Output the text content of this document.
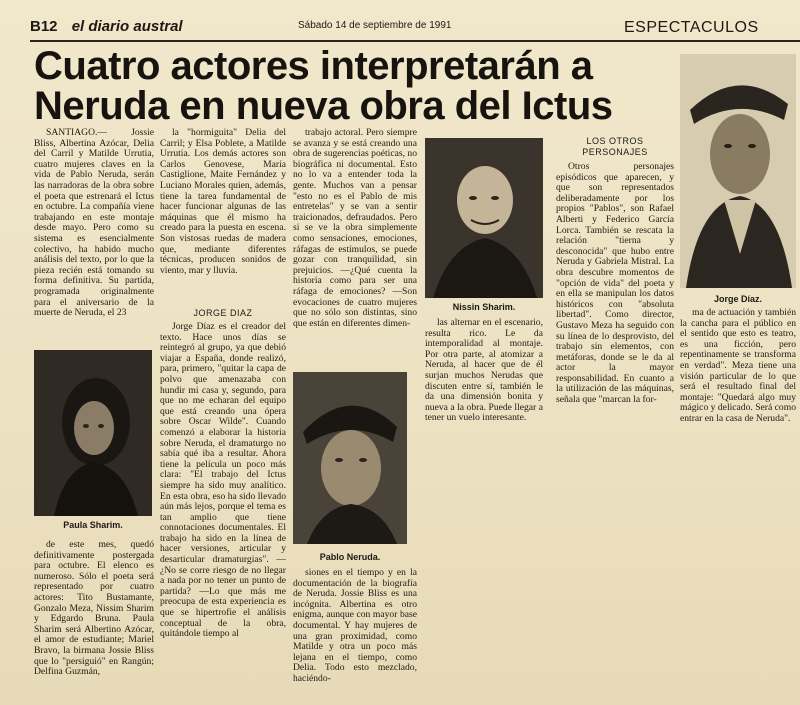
B12 el diario austral	Sábado 14 de septiembre de 1991	ESPECTACULOS
Cuatro actores interpretarán a Neruda en nueva obra del Ictus

SANTIAGO.— Jossie Bliss, Albertina Azócar, Delia del Carril y Matilde Urrutia, cuatro mujeres claves en la vida de Pablo Neruda, serán las narradoras de la obra sobre el poeta que estrenará el Ictus en octubre. La compañía viene trabajando en este montaje desde mayo. Pero como su sistema es esencialmente colectivo, ha habido mucho análisis del texto, por lo que la pieza recién está tomando su forma definitiva. Su partida, programada originalmente para el aniversario de la muerte de Neruda, el 23

Paula Sharim.

de este mes, quedó definitivamente postergada para octubre. El elenco es numeroso. Sólo el poeta será representado por cuatro actores: Tito Bustamante, Gonzalo Meza, Nissim Sharim y Edgardo Bruna. Paula Sharim será Albertino Azócar, el amor de estudiante; Mariel Bravo, la birmana Jossie Bliss que lo "persiguió" en Rangún; Delfina Guzmán,

la "hormiguita" Delia del Carril; y Elsa Poblete, a Matilde Urrutia. Los demás actores son Carlos Genovese, María Castiglione, Maite Fernández y Luciano Morales quien, además, tiene la tarea fundamental de hacer funcionar algunas de las máquinas que él mismo ha creado para la puesta en escena. Son vistosas ruedas de madera que, mediante diferentes técnicas, producen sonidos de viento, mar y lluvia.

JORGE DIAZ

Jorge Díaz es el creador del texto. Hace unos días se reintegró al grupo, ya que debió viajar a España, donde realizó, para, primero, "quitar la capa de polvo que amenazaba con hundir mi casa y, segundo, para que no me echaran del equipo que está creando una ópera sobre Oscar Wilde". Cuando comenzó a elaborar la historia sobre Neruda, el dramaturgo no sabía qué iba a resultar. Ahora tiene la película un poco más clara: "El trabajo del Ictus siempre ha sido muy analítico. En esta obra, eso ha sido llevado aún más lejos, porque el tema es tan amplio que tiene connotaciones documentales. El trabajo ha sido en la línea de hacer versiones, articular y desarticular dramaturgias". —¿No se corre riesgo de no llegar a nada por no tener un punto de partida? —Lo que más me preocupa de esta experiencia es que se hipertrofie el análisis conceptual de la obra, quitándole tiempo al

trabajo actoral. Pero siempre se avanza y se está creando una obra de sugerencias poéticas, no biográfica ni documental. Esto no lo va a entender toda la gente. Muchos van a pensar "esto no es el Pablo de mis entretelas" y se van a sentir traicionados, defraudados. Pero si se ve la obra simplemente como sensaciones, emociones, ráfagas de estímulos, se puede gozar con tranquilidad, sin prejuicios. —¿Qué cuenta la historia como para ser una ráfaga de emociones? —Son evocaciones de cuatro mujeres que no sólo son distintas, sino que están en diferentes dimen-

Pablo Neruda.

siones en el tiempo y en la documentación de la biografía de Neruda. Jossie Bliss es una incógnita. Albertina es otro enigma, aunque con mayor base documental. Y hay mujeres de una gran proximidad, como Matilde y otra un poco más lejana en el tiempo, como Delia. Todo esto mezclado, haciéndo-

Nissin Sharim.

las alternar en el escenario, resulta rico. Le da intemporalidad al montaje. Por otra parte, al atomizar a Neruda, al hacer que de él surjan muchos Nerudas que discuten entre sí, también le da una dimensión bonita y nueva a la obra. Puede llegar a tener un vuelo interesante.

LOS OTROS PERSONAJES

Otros personajes episódicos que aparecen, y que son representados deliberadamente por los propios "Pablos", son Rafael Alberti y Federico García Lorca. También se rescata la relación "tierna y desconocida" que hubo entre Neruda y Gabriela Mistral. La obra descubre momentos de "opción de vida" del poeta y en ella se manipulan los datos históricos con "absoluta libertad". Como director, Gustavo Meza ha seguido con su línea de lo desprovisto, del trabajo sin elementos, con metáforas, donde se le da al actor la mayor responsabilidad. En cuanto a la utilización de las máquinas, señala que "marcan la for-

Jorge Díaz.

ma de actuación y también la cancha para el público en el sentido que esto es teatro, es una ficción, pero repentinamente se transforma en verdad". Meza tiene una visión particular de lo que será el resultado final del montaje: "Quedará algo muy mágico y delicado. Será como entrar en la casa de Neruda".
